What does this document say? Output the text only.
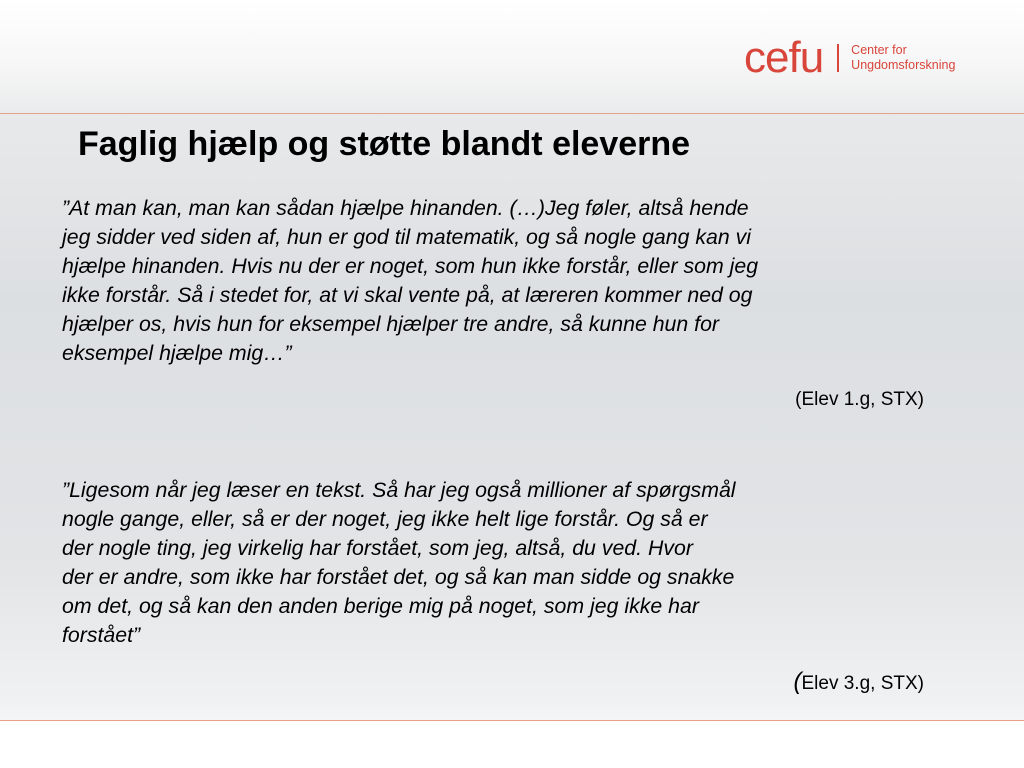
cefu Center for
Ungdomsforskning
Faglig hjælp og støtte blandt eleverne

”At man kan, man kan sådan hjælpe hinanden. (…)Jeg føler, altså hende
jeg sidder ved siden af, hun er god til matematik, og så nogle gang kan vi
hjælpe hinanden. Hvis nu der er noget, som hun ikke forstår, eller som jeg
ikke forstår. Så i stedet for, at vi skal vente på, at læreren kommer ned og
hjælper os, hvis hun for eksempel hjælper tre andre, så kunne hun for
eksempel hjælpe mig…”

(Elev 1.g, STX)

”Ligesom når jeg læser en tekst. Så har jeg også millioner af spørgsmål
nogle gange, eller, så er der noget, jeg ikke helt lige forstår. Og så er
der nogle ting, jeg virkelig har forstået, som jeg, altså, du ved. Hvor
der er andre, som ikke har forstået det, og så kan man sidde og snakke
om det, og så kan den anden berige mig på noget, som jeg ikke har
forstået”

(Elev 3.g, STX)
